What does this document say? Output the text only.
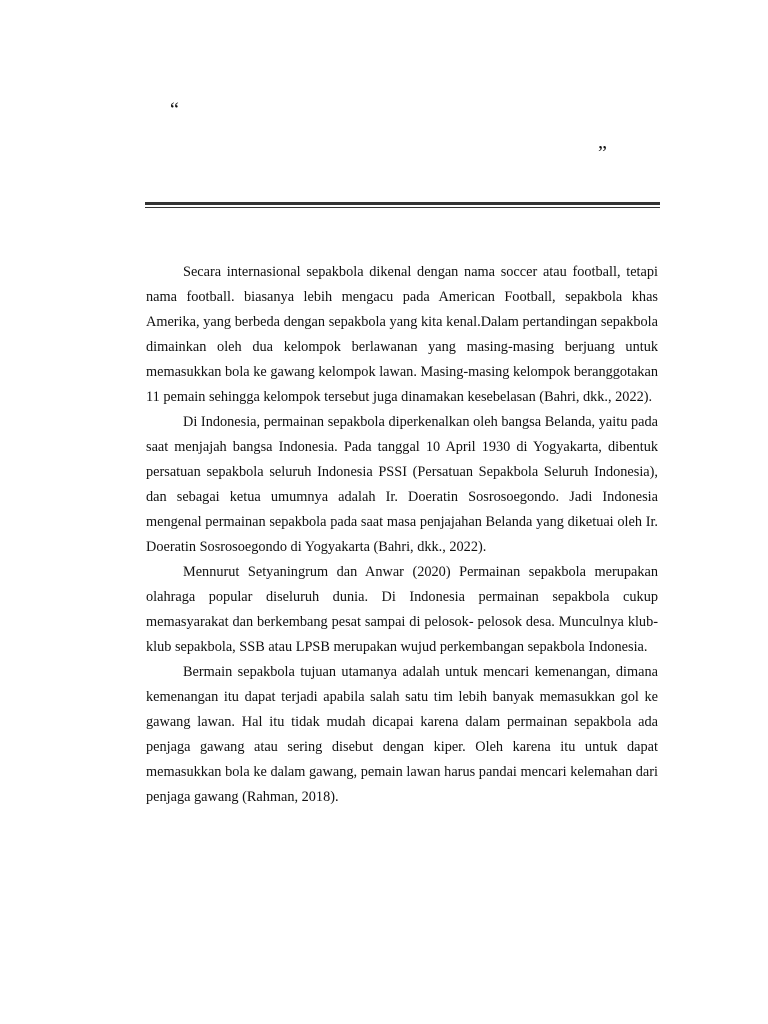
“
”

Secara internasional sepakbola dikenal dengan nama soccer atau football, tetapi nama football. biasanya lebih mengacu pada American Football, sepakbola khas Amerika, yang berbeda dengan sepakbola yang kita kenal.Dalam pertandingan sepakbola dimainkan oleh dua kelompok berlawanan yang masing-masing berjuang untuk memasukkan bola ke gawang kelompok lawan. Masing-masing kelompok beranggotakan 11 pemain sehingga kelompok tersebut juga dinamakan kesebelasan (Bahri, dkk., 2022).

Di Indonesia, permainan sepakbola diperkenalkan oleh bangsa Belanda, yaitu pada saat menjajah bangsa Indonesia. Pada tanggal 10 April 1930 di Yogyakarta, dibentuk persatuan sepakbola seluruh Indonesia PSSI (Persatuan Sepakbola Seluruh Indonesia), dan sebagai ketua umumnya adalah Ir. Doeratin Sosrosoegondo. Jadi Indonesia mengenal permainan sepakbola pada saat masa penjajahan Belanda yang diketuai oleh Ir. Doeratin Sosrosoegondo di Yogyakarta (Bahri, dkk., 2022).

Mennurut Setyaningrum dan Anwar (2020) Permainan sepakbola merupakan olahraga popular diseluruh dunia. Di Indonesia permainan sepakbola cukup memasyarakat dan berkembang pesat sampai di pelosok- pelosok desa. Munculnya klub-klub sepakbola, SSB atau LPSB merupakan wujud perkembangan sepakbola Indonesia.

Bermain sepakbola tujuan utamanya adalah untuk mencari kemenangan, dimana kemenangan itu dapat terjadi apabila salah satu tim lebih banyak memasukkan gol ke gawang lawan. Hal itu tidak mudah dicapai karena dalam permainan sepakbola ada penjaga gawang atau sering disebut dengan kiper. Oleh karena itu untuk dapat memasukkan bola ke dalam gawang, pemain lawan harus pandai mencari kelemahan dari penjaga gawang (Rahman, 2018).
